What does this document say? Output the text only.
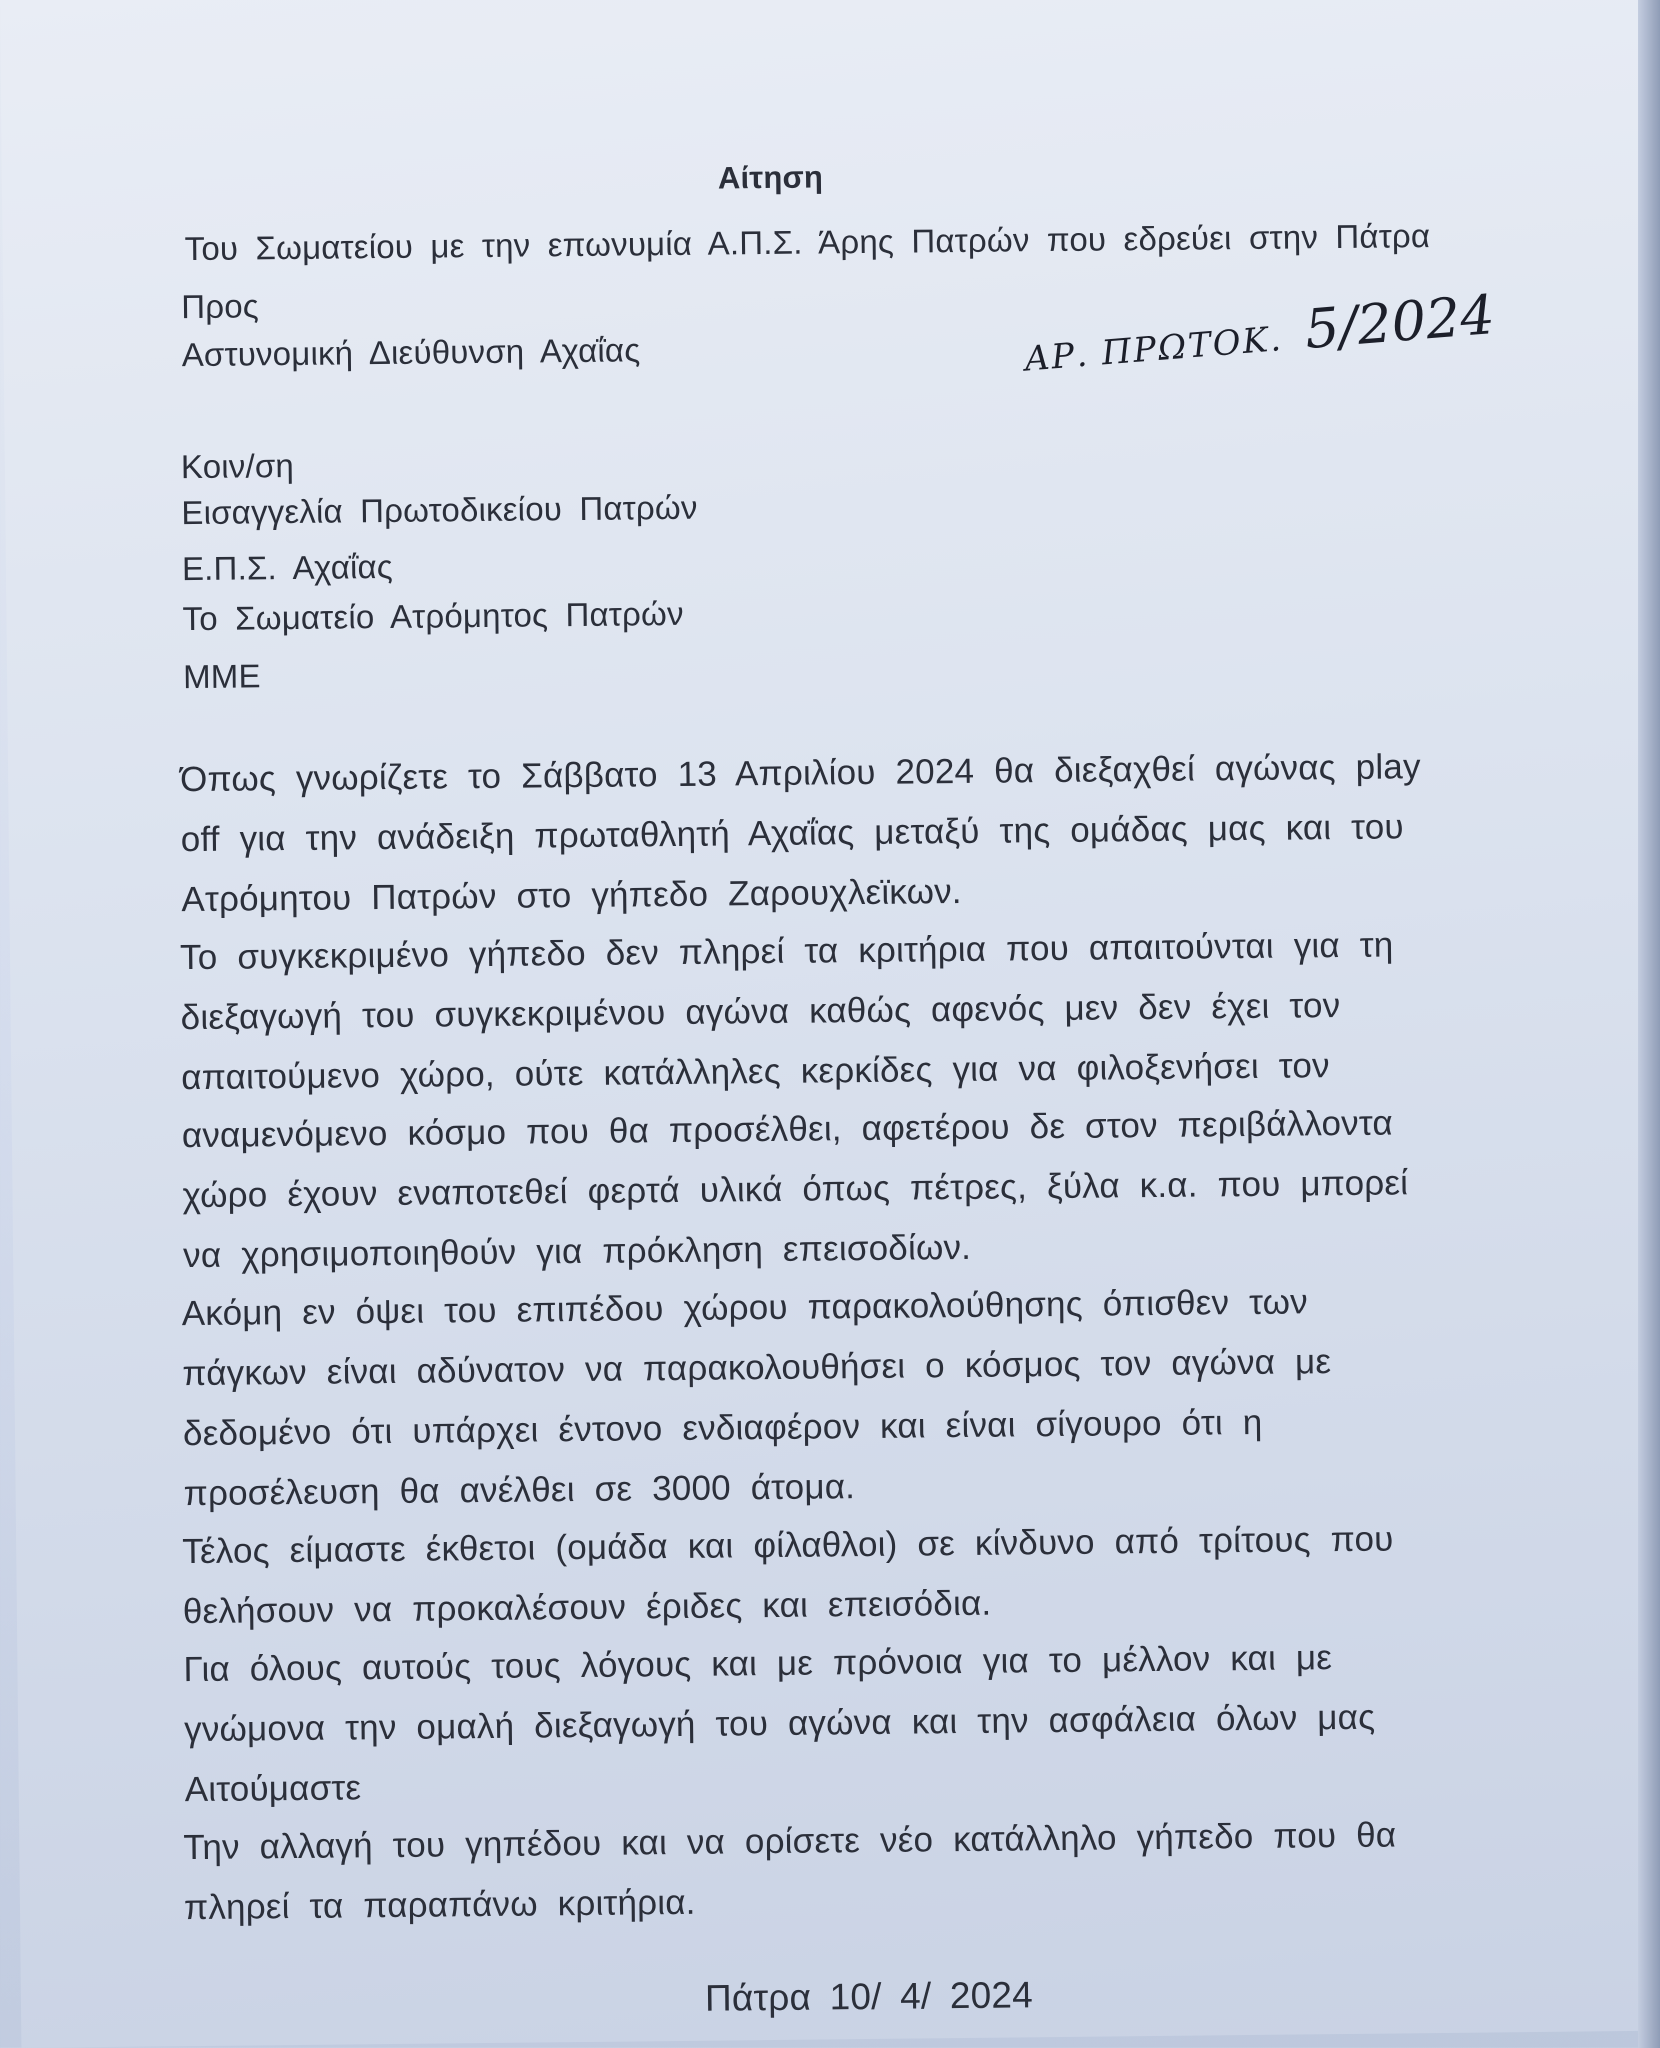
Αίτηση
Του Σωματείου με την επωνυμία Α.Π.Σ. Άρης Πατρών που εδρεύει στην Πάτρα
Προς
Αστυνομική Διεύθυνση Αχαΐας	ΑΡ. ΠΡΩΤΟΚ. 5/2024
Κοιν/ση
Εισαγγελία Πρωτοδικείου Πατρών
Ε.Π.Σ. Αχαΐας
Το Σωματείο Ατρόμητος Πατρών
ΜΜΕ
Όπως γνωρίζετε το Σάββατο 13 Απριλίου 2024 θα διεξαχθεί αγώνας play
off για την ανάδειξη πρωταθλητή Αχαΐας μεταξύ της ομάδας μας και του
Ατρόμητου Πατρών στο γήπεδο Ζαρουχλεϊκων.
Το συγκεκριμένο γήπεδο δεν πληρεί τα κριτήρια που απαιτούνται για τη
διεξαγωγή του συγκεκριμένου αγώνα καθώς αφενός μεν δεν έχει τον
απαιτούμενο χώρο, ούτε κατάλληλες κερκίδες για να φιλοξενήσει τον
αναμενόμενο κόσμο που θα προσέλθει, αφετέρου δε στον περιβάλλοντα
χώρο έχουν εναποτεθεί φερτά υλικά όπως πέτρες, ξύλα κ.α. που μπορεί
να χρησιμοποιηθούν για πρόκληση επεισοδίων.
Ακόμη εν όψει του επιπέδου χώρου παρακολούθησης όπισθεν των
πάγκων είναι αδύνατον να παρακολουθήσει ο κόσμος τον αγώνα με
δεδομένο ότι υπάρχει έντονο ενδιαφέρον και είναι σίγουρο ότι η
προσέλευση θα ανέλθει σε 3000 άτομα.
Τέλος είμαστε έκθετοι (ομάδα και φίλαθλοι) σε κίνδυνο από τρίτους που
θελήσουν να προκαλέσουν έριδες και επεισόδια.
Για όλους αυτούς τους λόγους και με πρόνοια για το μέλλον και με
γνώμονα την ομαλή διεξαγωγή του αγώνα και την ασφάλεια όλων μας
Αιτούμαστε
Την αλλαγή του γηπέδου και να ορίσετε νέο κατάλληλο γήπεδο που θα
πληρεί τα παραπάνω κριτήρια.
Πάτρα 10/ 4/ 2024
